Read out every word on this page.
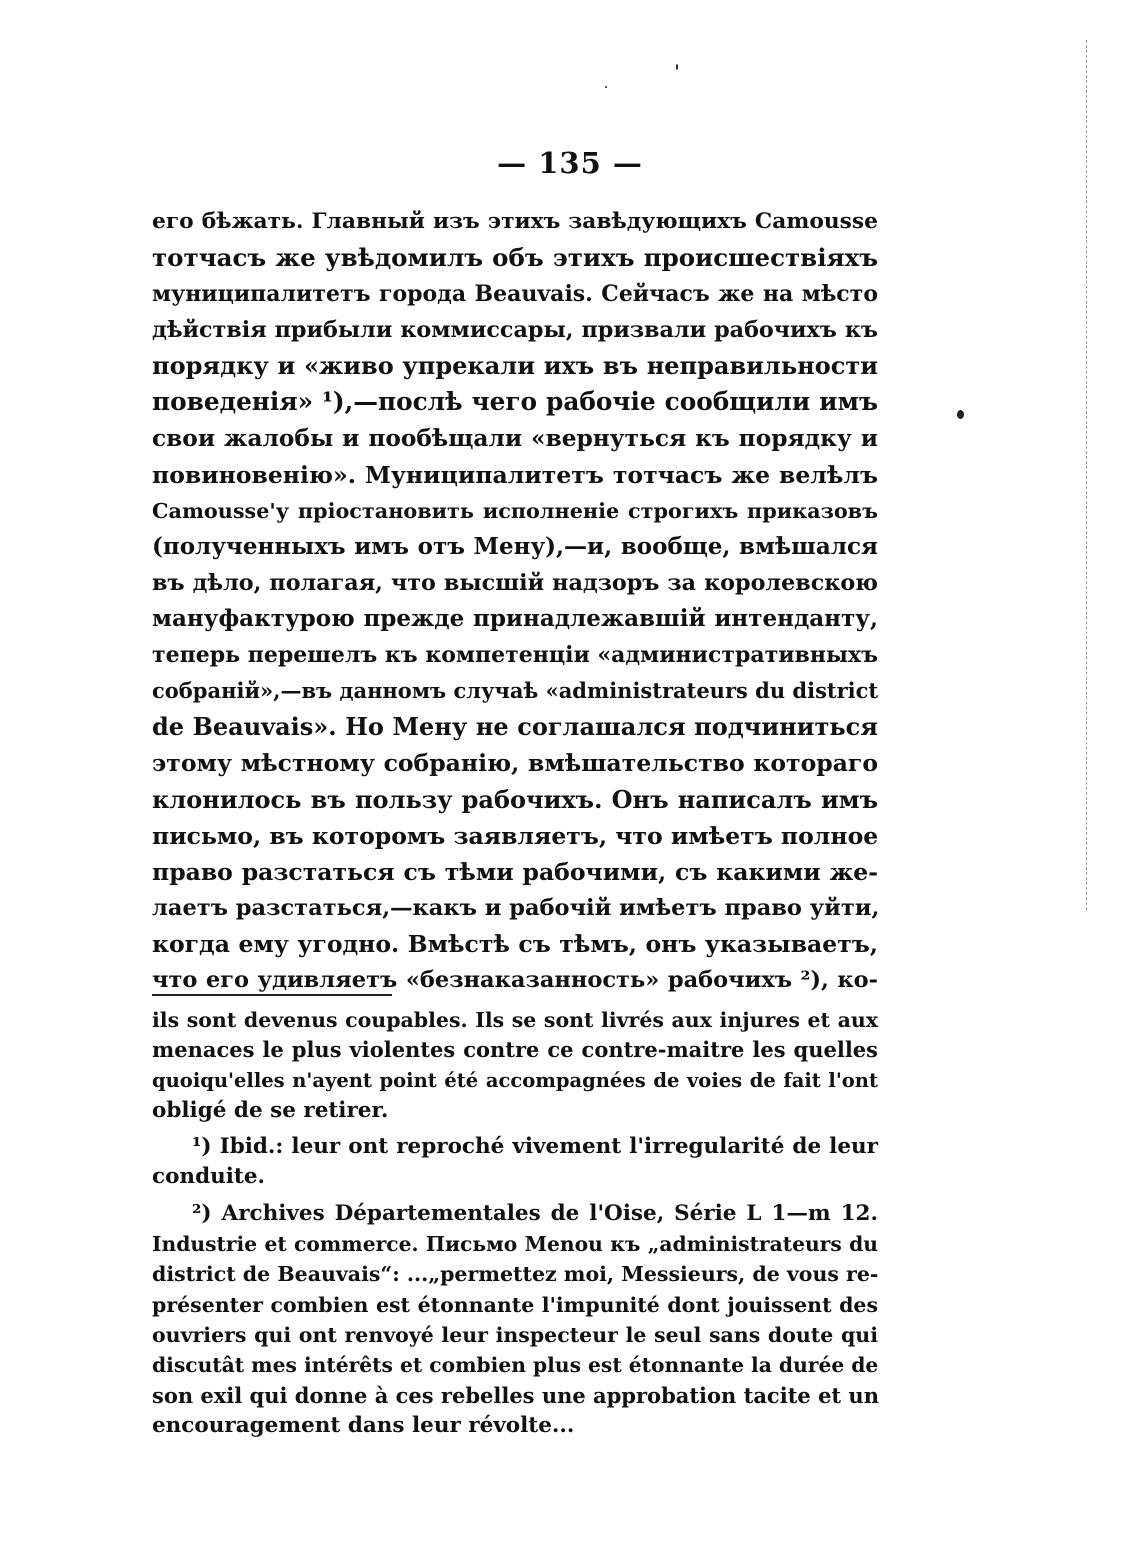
— 135 —
его бѣжать. Главный изъ этихъ завѣдующихъ Camousse
тотчасъ же увѣдомилъ объ этихъ происшествіяхъ
муниципалитетъ города Beauvais. Сейчасъ же на мѣсто
дѣйствія прибыли коммиссары, призвали рабочихъ къ
порядку и «живо упрекали ихъ въ неправильности
поведенія» ¹),—послѣ чего рабочіе сообщили имъ
свои жалобы и пообѣщали «вернуться къ порядку и
повиновенію». Муниципалитетъ тотчасъ же велѣлъ
Camousse'у пріостановить исполненіе строгихъ приказовъ
(полученныхъ имъ отъ Мену),—и, вообще, вмѣшался
въ дѣло, полагая, что высшій надзоръ за королевскою
мануфактурою прежде принадлежавшій интенданту,
теперь перешелъ къ компетенціи «административныхъ
собраній»,—въ данномъ случаѣ «administrateurs du district
de Beauvais». Но Мену не соглашался подчиниться
этому мѣстному собранію, вмѣшательство котораго
клонилось въ пользу рабочихъ. Онъ написалъ имъ
письмо, въ которомъ заявляетъ, что имѣетъ полное
право разстаться съ тѣми рабочими, съ какими же-
лаетъ разстаться,—какъ и рабочій имѣетъ право уйти,
когда ему угодно. Вмѣстѣ съ тѣмъ, онъ указываетъ,
что его удивляетъ «безнаказанность» рабочихъ ²), ко-
ils sont devenus coupables. Ils se sont livrés aux injures et aux
menaces le plus violentes contre ce contre-maitre les quelles
quoiqu'elles n'ayent point été accompagnées de voies de fait l'ont
obligé de se retirer.
¹) Ibid.: leur ont reproché vivement l'irregularité de leur
conduite.
²) Archives Départementales de l'Oise, Série L 1—m 12.
Industrie et commerce. Письмо Menou къ „administrateurs du
district de Beauvais“: ...„permettez moi, Messieurs, de vous re-
présenter combien est étonnante l'impunité dont jouissent des
ouvriers qui ont renvoyé leur inspecteur le seul sans doute qui
discutât mes intérêts et combien plus est étonnante la durée de
son exil qui donne à ces rebelles une approbation tacite et un
encouragement dans leur révolte...
